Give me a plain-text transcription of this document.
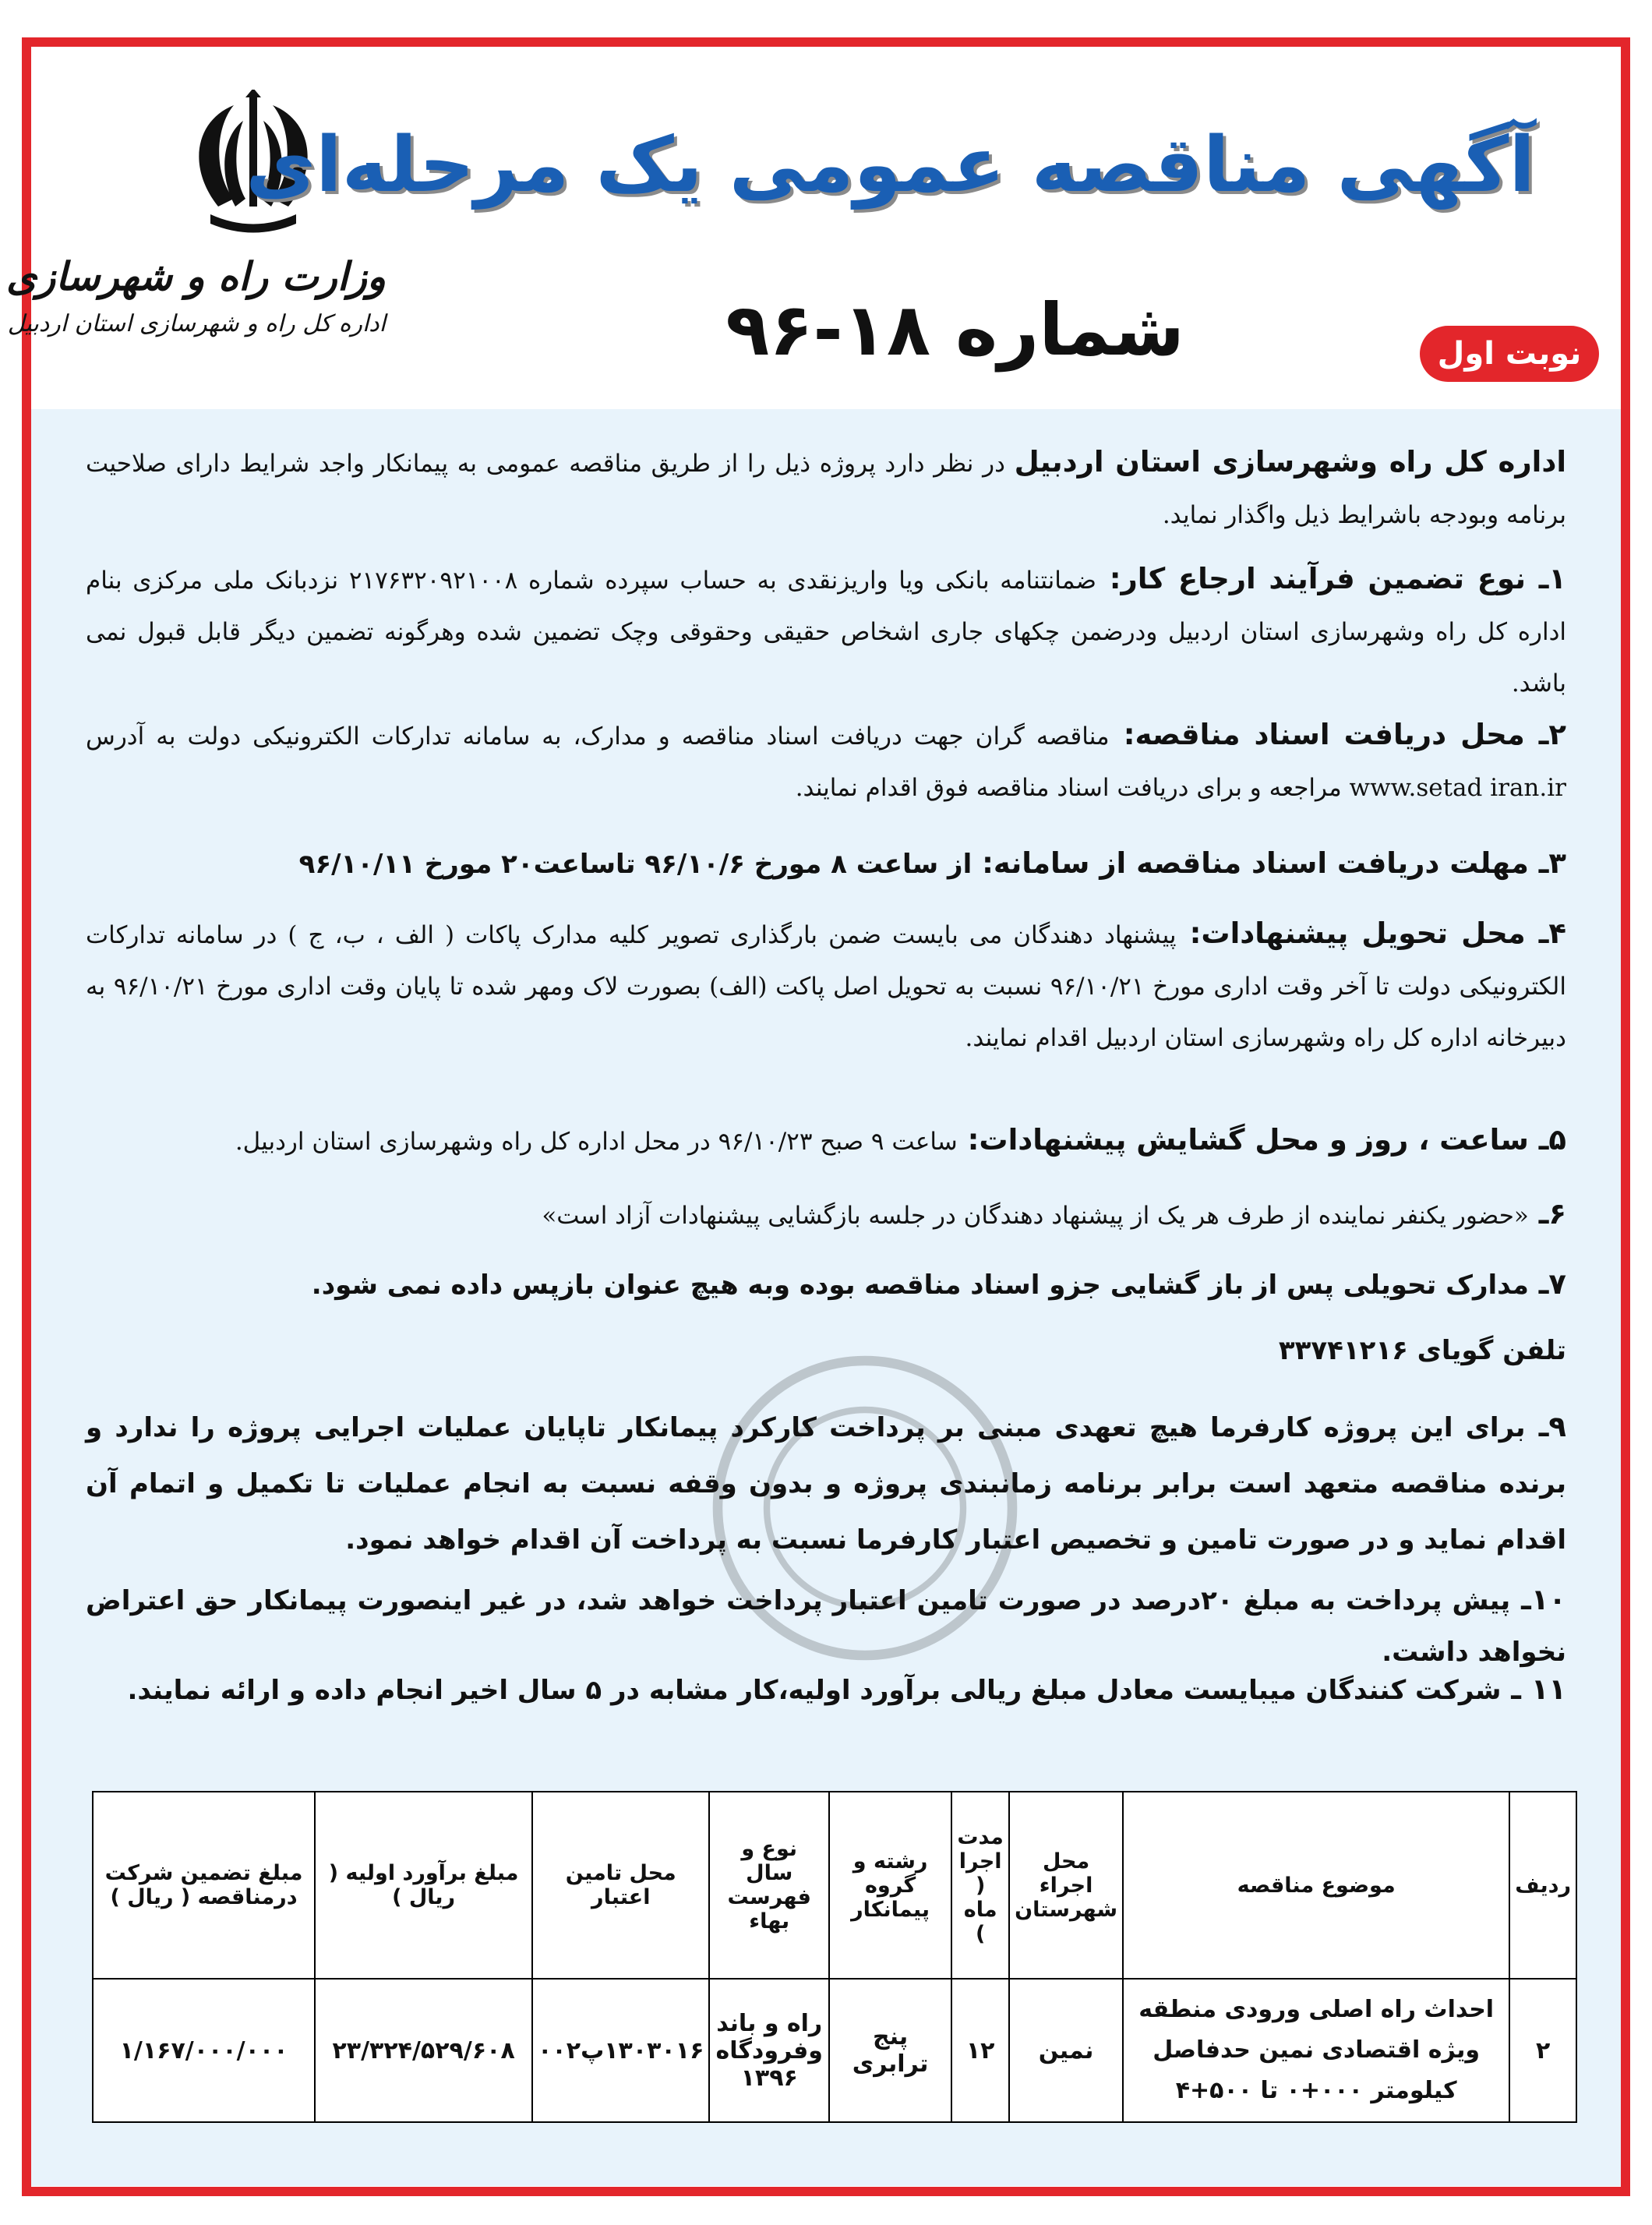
وزارت راه و شهرسازی
اداره کل راه و شهرسازی استان اردبیل
آگهی مناقصه عمومی یک مرحله‌ای
شماره ۱۸-۹۶	نوبت اول
اداره کل راه وشهرسازی استان اردبیل در نظر دارد پروژه ذیل را از طریق مناقصه عمومی به پیمانکار واجد شرایط دارای صلاحیت برنامه وبودجه باشرایط ذیل واگذار نماید.
۱ـ نوع تضمین فرآیند ارجاع کار: ضمانتنامه بانکی ویا واریزنقدی به حساب سپرده شماره ۲۱۷۶۳۲۰۹۲۱۰۰۸ نزدبانک ملی مرکزی بنام اداره کل راه وشهرسازی استان اردبیل ودرضمن چکهای جاری اشخاص حقیقی وحقوقی وچک تضمین شده وهرگونه تضمین دیگر قابل قبول نمی باشد.
۲ـ محل دریافت اسناد مناقصه: مناقصه گران جهت دریافت اسناد مناقصه و مدارک، به سامانه تدارکات الکترونیکی دولت به آدرس www.setad iran.ir مراجعه و برای دریافت اسناد مناقصه فوق اقدام نمایند.
۳ـ مهلت دریافت اسناد مناقصه از سامانه: از ساعت ۸ مورخ ۹۶/۱۰/۶ تاساعت۲۰ مورخ ۹۶/۱۰/۱۱
۴ـ محل تحویل پیشنهادات: پیشنهاد دهندگان می بایست ضمن بارگذاری تصویر کلیه مدارک پاکات ( الف ، ب، ج ) در سامانه تدارکات الکترونیکی دولت تا آخر وقت اداری مورخ ۹۶/۱۰/۲۱ نسبت به تحویل اصل پاکت (الف) بصورت لاک ومهر شده تا پایان وقت اداری مورخ ۹۶/۱۰/۲۱ به دبیرخانه اداره کل راه وشهرسازی استان اردبیل اقدام نمایند.
۵ـ ساعت ، روز و محل گشایش پیشنهادات: ساعت ۹ صبح ۹۶/۱۰/۲۳ در محل اداره کل راه وشهرسازی استان اردبیل.
۶ـ «حضور یکنفر نماینده از طرف هر یک از پیشنهاد دهندگان در جلسه بازگشایی پیشنهادات آزاد است»
۷ـ مدارک تحویلی پس از باز گشایی جزو اسناد مناقصه بوده وبه هیچ عنوان بازپس داده نمی شود.
تلفن گویای ۳۳۷۴۱۲۱۶
۹ـ برای این پروژه کارفرما هیچ تعهدی مبنی بر پرداخت کارکرد پیمانکار تاپایان عملیات اجرایی پروژه را ندارد و برنده مناقصه متعهد است برابر برنامه زمانبندی پروژه و بدون وقفه نسبت به انجام عملیات تا تکمیل و اتمام آن اقدام نماید و در صورت تامین و تخصیص اعتبار کارفرما نسبت به پرداخت آن اقدام خواهد نمود.
۱۰ـ پیش پرداخت به مبلغ ۲۰درصد در صورت تامین اعتبار پرداخت خواهد شد، در غیر اینصورت پیمانکار حق اعتراض نخواهد داشت.
۱۱ ـ شرکت کنندگان میبایست معادل مبلغ ریالی برآورد اولیه،کار مشابه در ۵ سال اخیر انجام داده و ارائه نمایند.
ردیف	موضوع مناقصه	محل اجراء شهرستان	مدت اجرا ( ماه )	رشته و گروه پیمانکار	نوع و سال فهرست بهاء	محل تامین اعتبار	مبلغ برآورد اولیه ( ریال )	مبلغ تضمین شرکت درمناقصه ( ریال )
۲	احداث راه اصلی ورودی منطقه ویژه اقتصادی نمین حدفاصل کیلومتر ۰۰۰+۰ تا ۵۰۰+۴	نمین	۱۲	پنج ترابری	راه و باند وفرودگاه ۱۳۹۶	۱۳۰۳۰۱۶پ۰۰۲	۲۳/۳۲۴/۵۲۹/۶۰۸	۱/۱۶۷/۰۰۰/۰۰۰
